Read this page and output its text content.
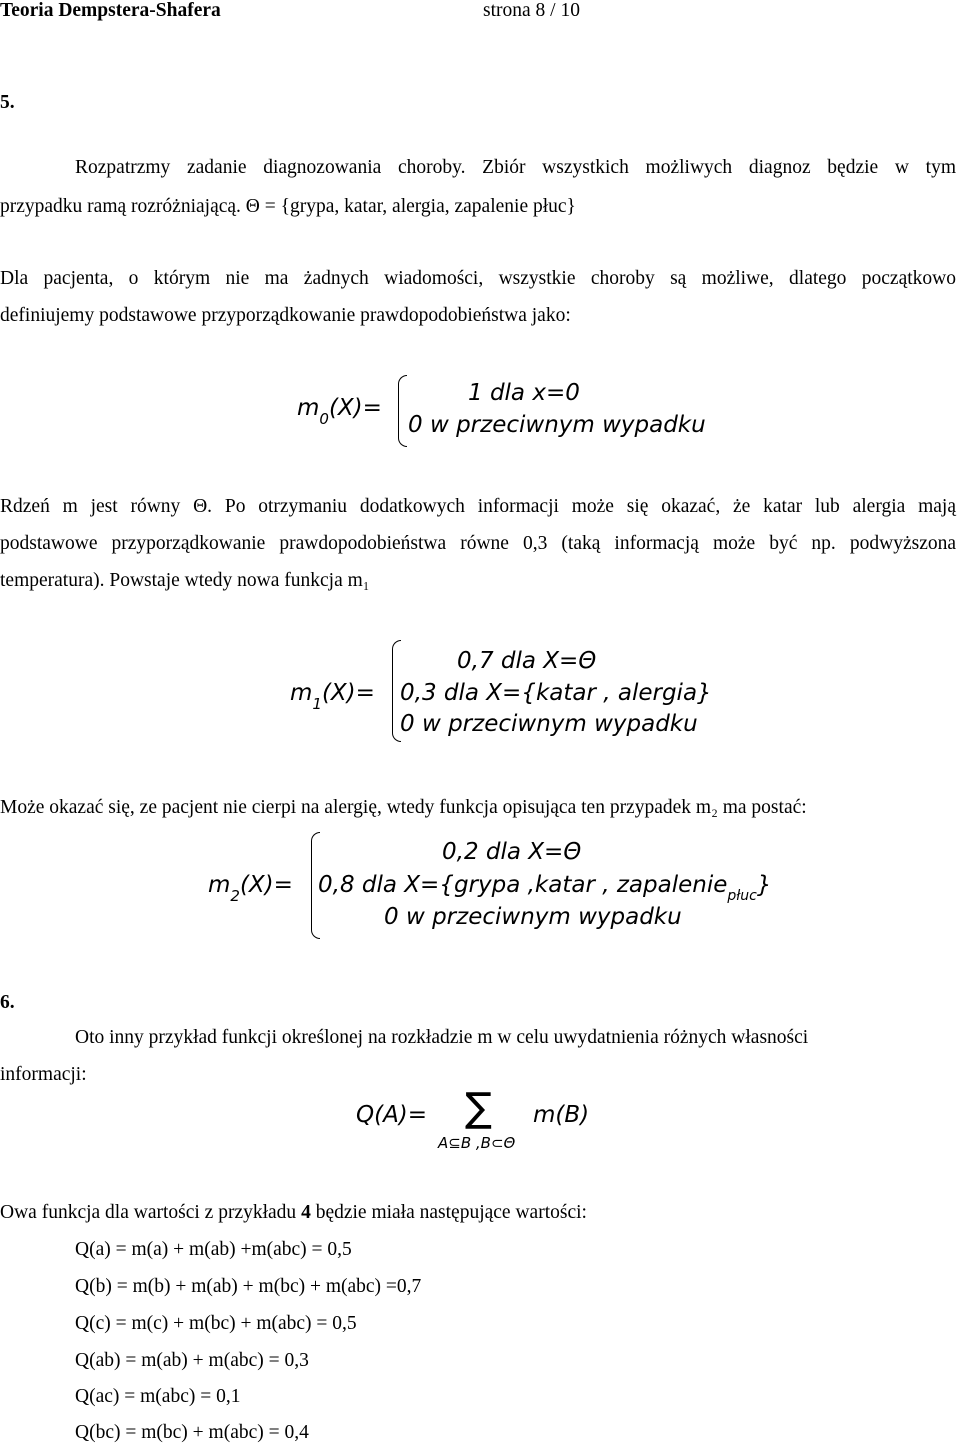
Teoria Dempstera-Shafera	strona 8 / 10
5.
Rozpatrzmy zadanie diagnozowania choroby. Zbiór wszystkich możliwych diagnoz będzie w tym
przypadku ramą rozróżniającą. Θ = {grypa, katar, alergia, zapalenie płuc}
Dla pacjenta, o którym nie ma żadnych wiadomości, wszystkie choroby są możliwe, dlatego początkowo
definiujemy podstawowe przyporządkowanie prawdopodobieństwa jako:
$m_0(X)=$
1 dla x=0
0 w przeciwnym wypadku
Rdzeń m jest równy Θ. Po otrzymaniu dodatkowych informacji może się okazać, że katar lub alergia mają
podstawowe przyporządkowanie prawdopodobieństwa równe 0,3 (taką informacją może być np. podwyższona
temperatura). Powstaje wtedy nowa funkcja m₁
$m_1(X)=$
0,7 dla X=Θ
0,3 dla X={katar , alergia}
0 w przeciwnym wypadku
Może okazać się, ze pacjent nie cierpi na alergię, wtedy funkcja opisująca ten przypadek m₂ ma postać:
$m_2(X)=$
0,2 dla X=Θ
0,8 dla X={grypa ,katar , zapalenie$_{płuc}$}
0 w przeciwnym wypadku
6.
Oto inny przykład funkcji określonej na rozkładzie m w celu uwydatnienia różnych własności
informacji:
Q(A)= ∑
A⊆B ,B⊂Θ
m(B)
Owa funkcja dla wartości z przykładu 4 będzie miała następujące wartości:
Q(a) = m(a) + m(ab) +m(abc) = 0,5
Q(b) = m(b) + m(ab) + m(bc) + m(abc) =0,7
Q(c) = m(c) + m(bc) + m(abc) = 0,5
Q(ab) = m(ab) + m(abc) = 0,3
Q(ac) = m(abc) = 0,1
Q(bc) = m(bc) + m(abc) = 0,4
